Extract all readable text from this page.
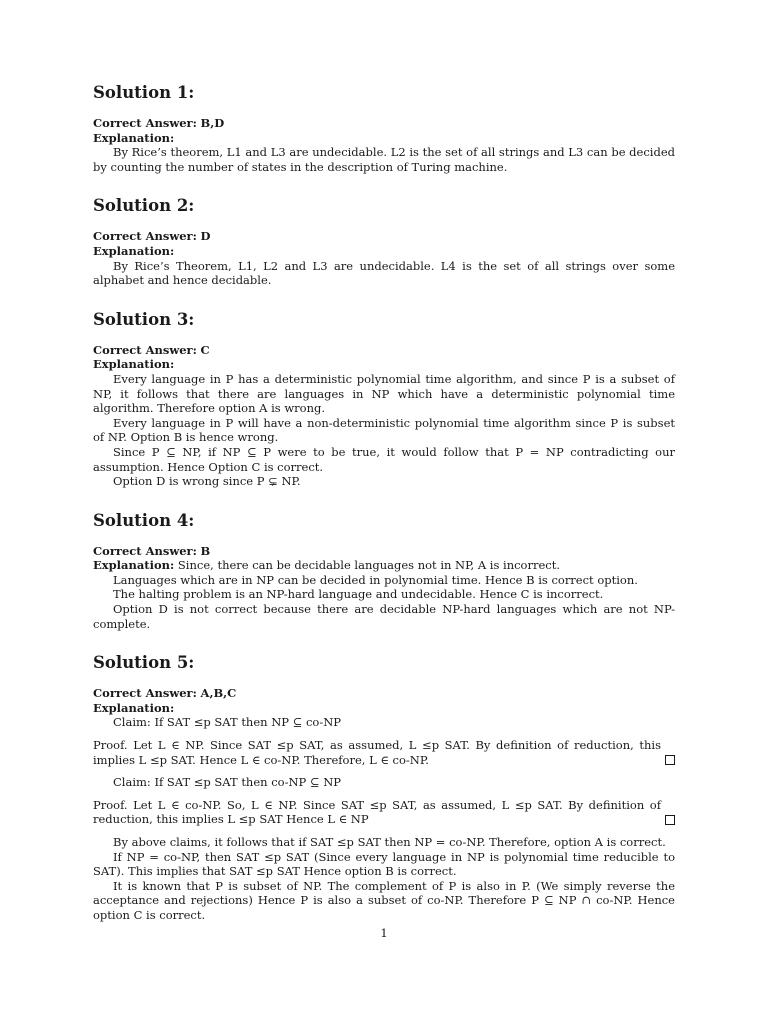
Solution 1:
Correct Answer: B,D
Explanation:

By Rice’s theorem, L1 and L3 are undecidable. L2 is the set of all strings and L3 can be decided by counting the number of states in the description of Turing machine.

Solution 2:
Correct Answer: D
Explanation:

By Rice’s Theorem, L1, L2 and L3 are undecidable. L4 is the set of all strings over some alphabet and hence decidable.

Solution 3:
Correct Answer: C
Explanation:

Every language in P has a deterministic polynomial time algorithm, and since P is a subset of NP, it follows that there are languages in NP which have a deterministic polynomial time algorithm. Therefore option A is wrong.

Every language in P will have a non-deterministic polynomial time algorithm since P is subset of NP. Option B is hence wrong.

Since P ⊆ NP, if NP ⊆ P were to be true, it would follow that P = NP contradicting our assumption. Hence Option C is correct.

Option D is wrong since P ⊊ NP.

Solution 4:
Correct Answer: B

Explanation: Since, there can be decidable languages not in NP, A is incorrect.

Languages which are in NP can be decided in polynomial time. Hence B is correct option.

The halting problem is an NP-hard language and undecidable. Hence C is incorrect.

Option D is not correct because there are decidable NP-hard languages which are not NP-complete.

Solution 5:
Correct Answer: A,B,C
Explanation:

Claim: If SAT ≤p SAT then NP ⊆ co-NP

Proof. Let L ∈ NP. Since SAT ≤p SAT, as assumed, L ≤p SAT. By definition of reduction, this implies L ≤p SAT. Hence L ∈ co-NP. Therefore, L ∈ co-NP.

Claim: If SAT ≤p SAT then co-NP ⊆ NP

Proof. Let L ∈ co-NP. So, L ∈ NP. Since SAT ≤p SAT, as assumed, L ≤p SAT. By definition of reduction, this implies L ≤p SAT Hence L ∈ NP

By above claims, it follows that if SAT ≤p SAT then NP = co-NP. Therefore, option A is correct.

If NP = co-NP, then SAT ≤p SAT (Since every language in NP is polynomial time reducible to SAT). This implies that SAT ≤p SAT Hence option B is correct.

It is known that P is subset of NP. The complement of P is also in P. (We simply reverse the acceptance and rejections) Hence P is also a subset of co-NP. Therefore P ⊆ NP ∩ co-NP. Hence option C is correct.

1
